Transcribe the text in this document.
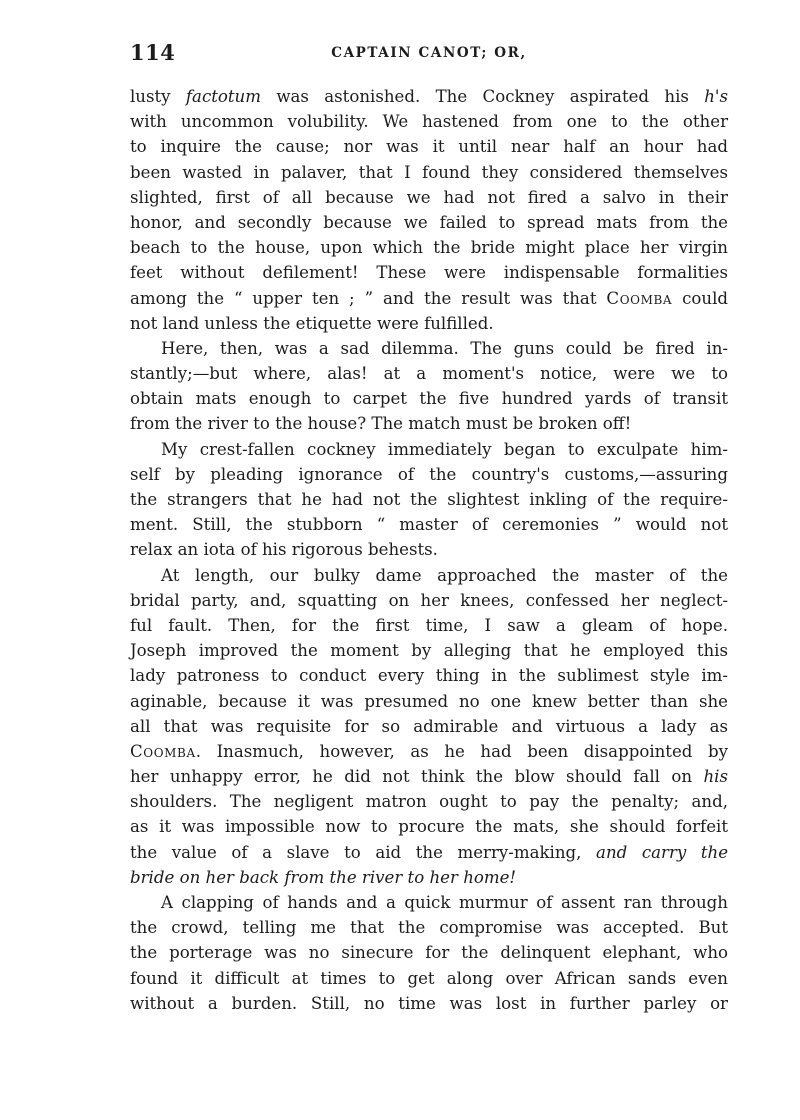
114	CAPTAIN CANOT; OR,
lusty factotum was astonished. The Cockney aspirated his h's
with uncommon volubility. We hastened from one to the other
to inquire the cause; nor was it until near half an hour had
been wasted in palaver, that I found they considered themselves
slighted, first of all because we had not fired a salvo in their
honor, and secondly because we failed to spread mats from the
beach to the house, upon which the bride might place her virgin
feet without defilement! These were indispensable formalities
among the “ upper ten ; ” and the result was that Coomba could
not land unless the etiquette were fulfilled.
Here, then, was a sad dilemma. The guns could be fired in-
stantly;—but where, alas! at a moment's notice, were we to
obtain mats enough to carpet the five hundred yards of transit
from the river to the house? The match must be broken off!
My crest-fallen cockney immediately began to exculpate him-
self by pleading ignorance of the country's customs,—assuring
the strangers that he had not the slightest inkling of the require-
ment. Still, the stubborn “ master of ceremonies ” would not
relax an iota of his rigorous behests.
At length, our bulky dame approached the master of the
bridal party, and, squatting on her knees, confessed her neglect-
ful fault. Then, for the first time, I saw a gleam of hope.
Joseph improved the moment by alleging that he employed this
lady patroness to conduct every thing in the sublimest style im-
aginable, because it was presumed no one knew better than she
all that was requisite for so admirable and virtuous a lady as
Coomba. Inasmuch, however, as he had been disappointed by
her unhappy error, he did not think the blow should fall on his
shoulders. The negligent matron ought to pay the penalty; and,
as it was impossible now to procure the mats, she should forfeit
the value of a slave to aid the merry-making, and carry the
bride on her back from the river to her home!
A clapping of hands and a quick murmur of assent ran through
the crowd, telling me that the compromise was accepted. But
the porterage was no sinecure for the delinquent elephant, who
found it difficult at times to get along over African sands even
without a burden. Still, no time was lost in further parley or
